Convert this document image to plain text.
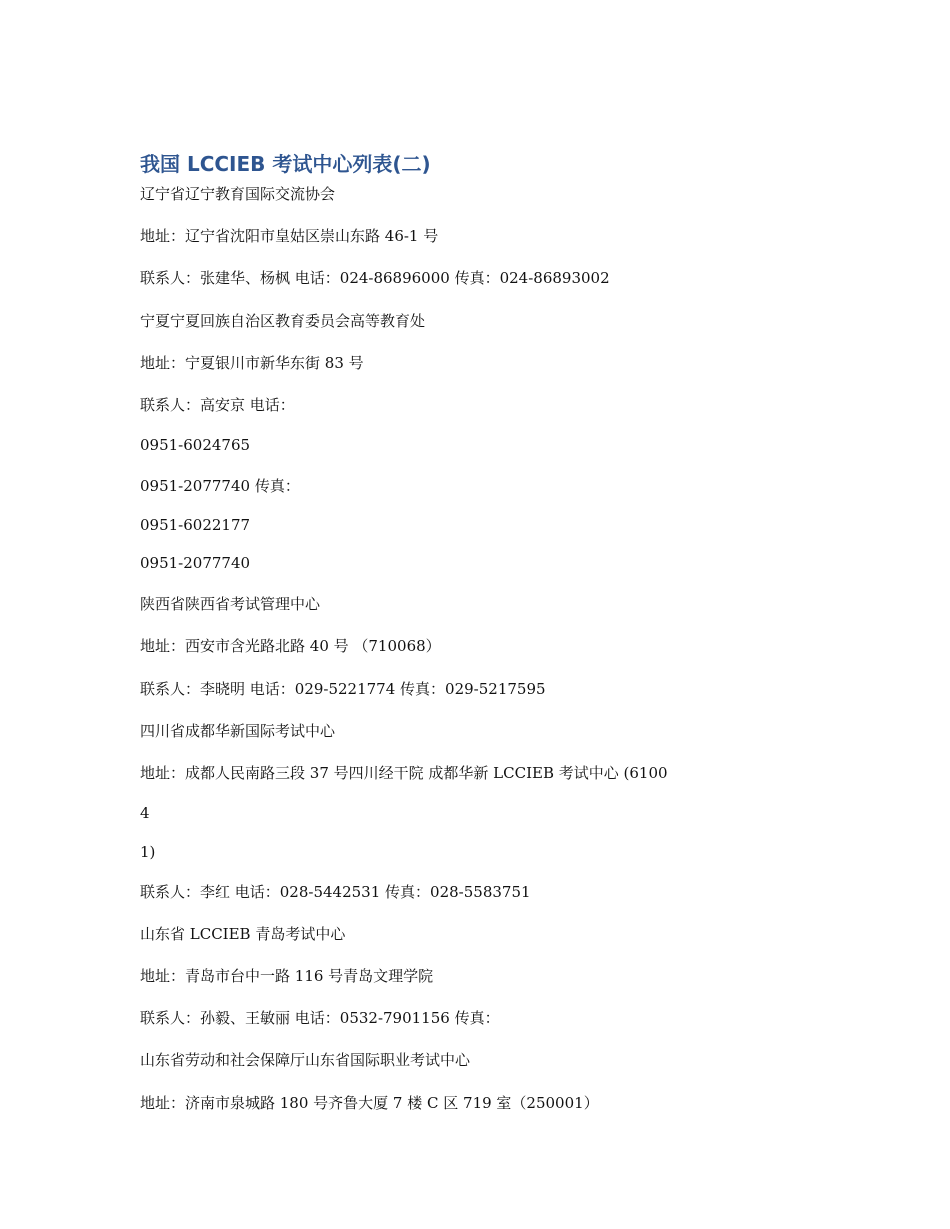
我国 LCCIEB 考试中心列表(二)
辽宁省辽宁教育国际交流协会
地址：辽宁省沈阳市皇姑区崇山东路 46-1 号
联系人：张建华、杨枫 电话：024-86896000 传真：024-86893002
宁夏宁夏回族自治区教育委员会高等教育处
地址：宁夏银川市新华东街 83 号
联系人：高安京 电话：
0951-6024765
0951-2077740 传真：
0951-6022177
0951-2077740
陕西省陕西省考试管理中心
地址：西安市含光路北路 40 号 （710068）
联系人：李晓明 电话：029-5221774 传真：029-5217595
四川省成都华新国际考试中心
地址：成都人民南路三段 37 号四川经干院 成都华新 LCCIEB 考试中心 (6100
4
1)
联系人：李红 电话：028-5442531 传真：028-5583751
山东省 LCCIEB 青岛考试中心
地址：青岛市台中一路 116 号青岛文理学院
联系人：孙毅、王敏丽 电话：0532-7901156 传真：
山东省劳动和社会保障厅山东省国际职业考试中心
地址：济南市泉城路 180 号齐鲁大厦 7 楼 C 区 719 室（250001）
